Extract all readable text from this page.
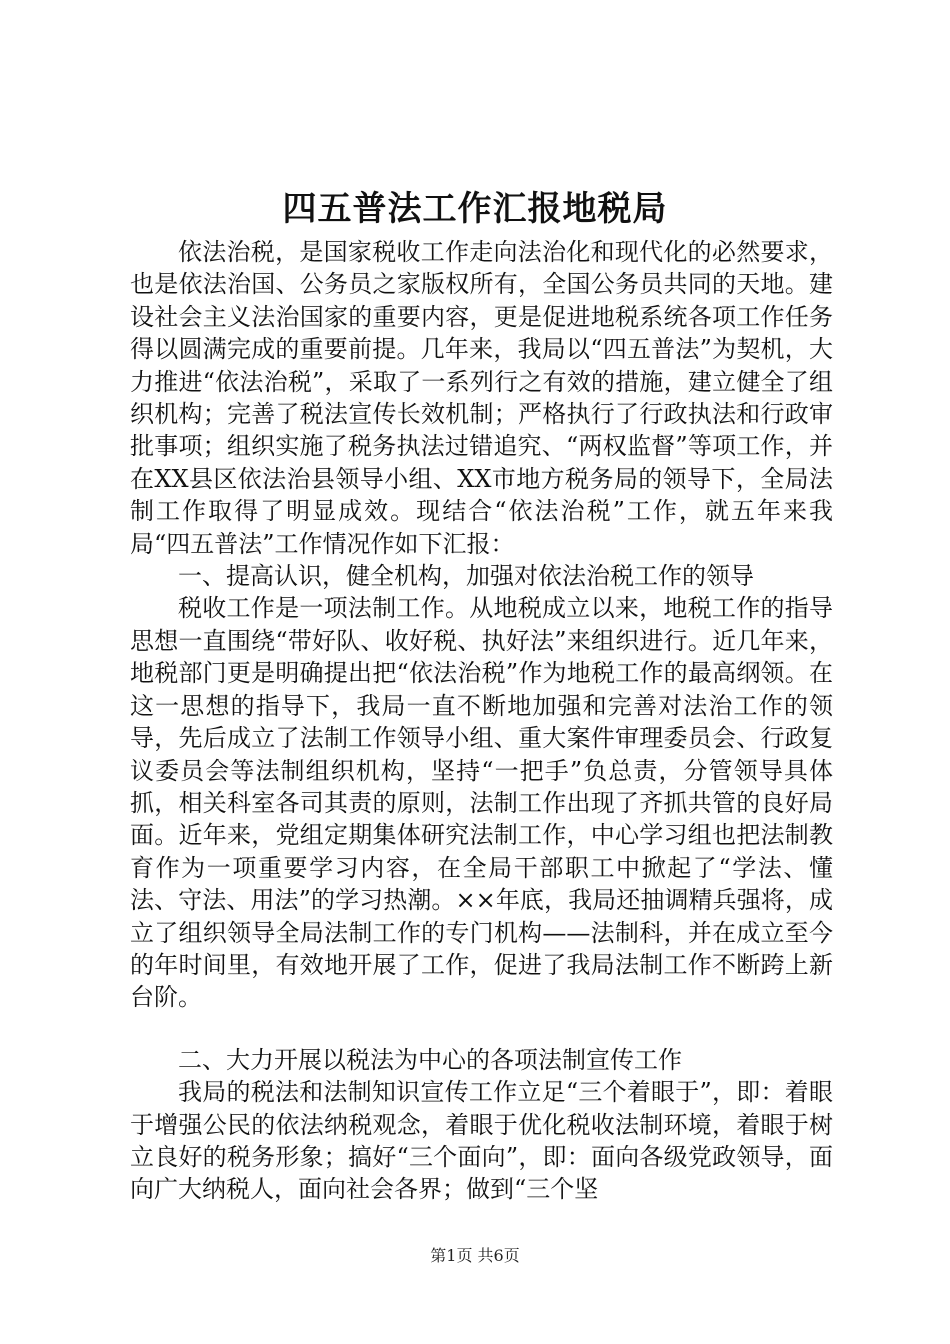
四五普法工作汇报地税局

依法治税，是国家税收工作走向法治化和现代化的必然要求，也是依法治国、公务员之家版权所有，全国公务员共同的天地。建设社会主义法治国家的重要内容，更是促进地税系统各项工作任务得以圆满完成的重要前提。几年来，我局以“四五普法”为契机，大力推进“依法治税”，采取了一系列行之有效的措施，建立健全了组织机构；完善了税法宣传长效机制；严格执行了行政执法和行政审批事项；组织实施了税务执法过错追究、“两权监督”等项工作，并在XX县区依法治县领导小组、XX市地方税务局的领导下，全局法制工作取得了明显成效。现结合“依法治税”工作，就五年来我局“四五普法”工作情况作如下汇报：

一、提高认识，健全机构，加强对依法治税工作的领导

税收工作是一项法制工作。从地税成立以来，地税工作的指导思想一直围绕“带好队、收好税、执好法”来组织进行。近几年来，地税部门更是明确提出把“依法治税”作为地税工作的最高纲领。在这一思想的指导下，我局一直不断地加强和完善对法治工作的领导，先后成立了法制工作领导小组、重大案件审理委员会、行政复议委员会等法制组织机构，坚持“一把手”负总责，分管领导具体抓，相关科室各司其责的原则，法制工作出现了齐抓共管的良好局面。近年来，党组定期集体研究法制工作，中心学习组也把法制教育作为一项重要学习内容，在全局干部职工中掀起了“学法、懂法、守法、用法”的学习热潮。××年底，我局还抽调精兵强将，成立了组织领导全局法制工作的专门机构——法制科，并在成立至今的年时间里，有效地开展了工作，促进了我局法制工作不断跨上新台阶。

二、大力开展以税法为中心的各项法制宣传工作

我局的税法和法制知识宣传工作立足“三个着眼于”，即：着眼于增强公民的依法纳税观念，着眼于优化税收法制环境，着眼于树立良好的税务形象；搞好“三个面向”，即：面向各级党政领导，面向广大纳税人，面向社会各界；做到“三个坚

第1页 共6页
